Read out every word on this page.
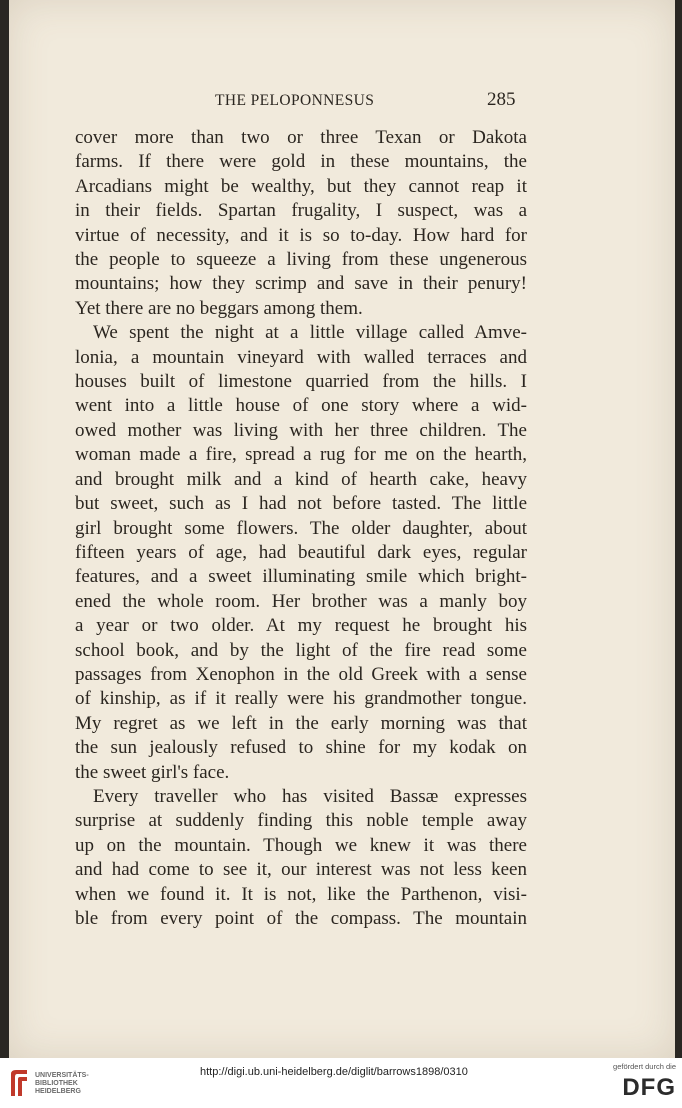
THE PELOPONNESUS	285
cover more than two or three Texan or Dakota
farms. If there were gold in these mountains, the
Arcadians might be wealthy, but they cannot reap it
in their fields. Spartan frugality, I suspect, was a
virtue of necessity, and it is so to-day. How hard for
the people to squeeze a living from these ungenerous
mountains; how they scrimp and save in their penury!
Yet there are no beggars among them.
We spent the night at a little village called Amve-
lonia, a mountain vineyard with walled terraces and
houses built of limestone quarried from the hills. I
went into a little house of one story where a wid-
owed mother was living with her three children. The
woman made a fire, spread a rug for me on the hearth,
and brought milk and a kind of hearth cake, heavy
but sweet, such as I had not before tasted. The little
girl brought some flowers. The older daughter, about
fifteen years of age, had beautiful dark eyes, regular
features, and a sweet illuminating smile which bright-
ened the whole room. Her brother was a manly boy
a year or two older. At my request he brought his
school book, and by the light of the fire read some
passages from Xenophon in the old Greek with a sense
of kinship, as if it really were his grandmother tongue.
My regret as we left in the early morning was that
the sun jealously refused to shine for my kodak on
the sweet girl's face.
Every traveller who has visited Bassæ expresses
surprise at suddenly finding this noble temple away
up on the mountain. Though we knew it was there
and had come to see it, our interest was not less keen
when we found it. It is not, like the Parthenon, visi-
ble from every point of the compass. The mountain
UNIVERSITÄTS-
BIBLIOTHEK
HEIDELBERG
http://digi.ub.uni-heidelberg.de/diglit/barrows1898/0310	gefördert durch die
DFG
